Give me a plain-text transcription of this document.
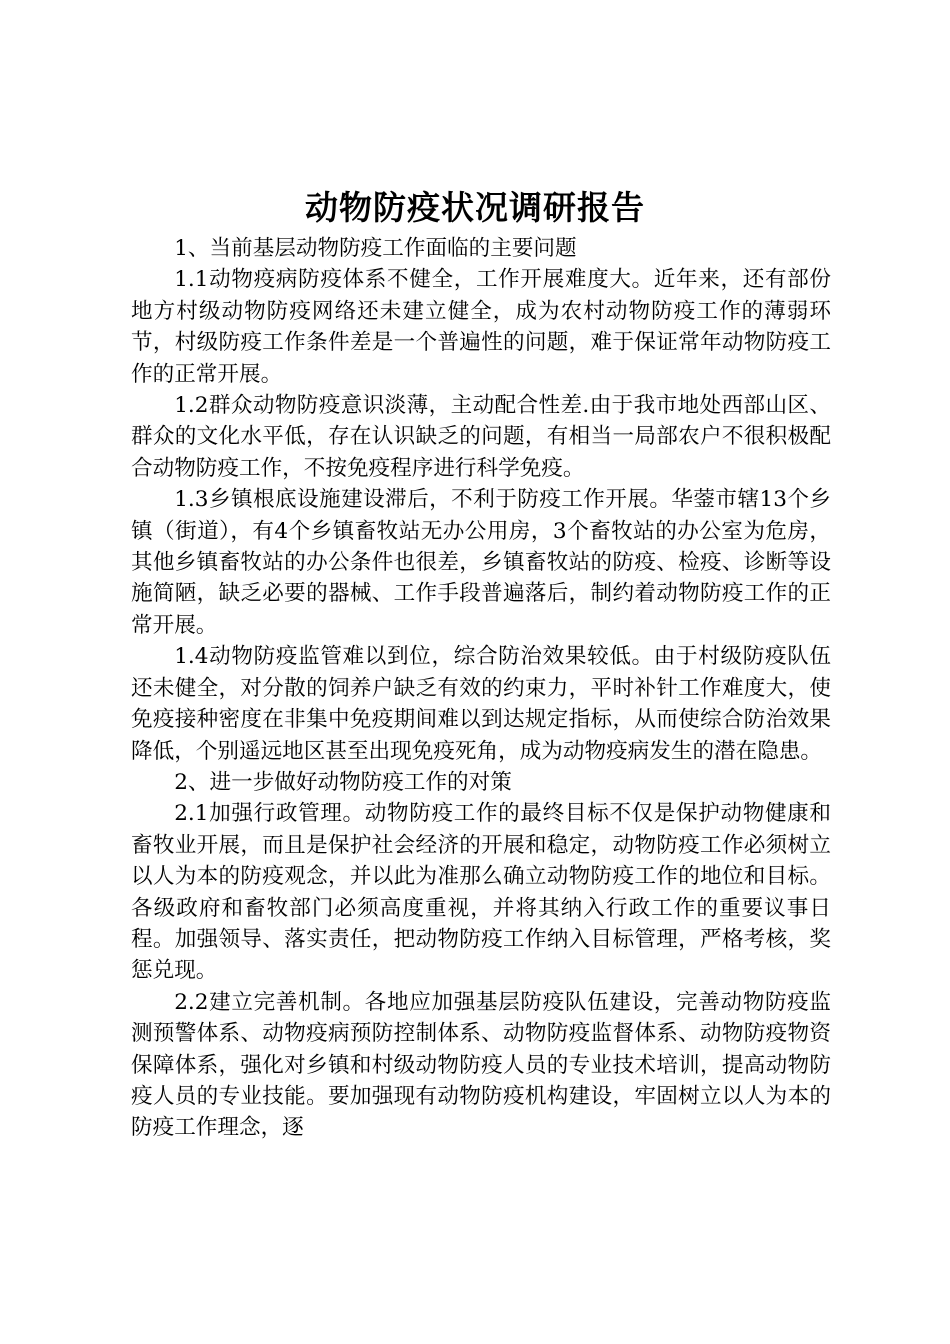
动物防疫状况调研报告

1、当前基层动物防疫工作面临的主要问题

1.1动物疫病防疫体系不健全，工作开展难度大。近年来，还有部份地方村级动物防疫网络还未建立健全，成为农村动物防疫工作的薄弱环节，村级防疫工作条件差是一个普遍性的问题，难于保证常年动物防疫工作的正常开展。

1.2群众动物防疫意识淡薄，主动配合性差.由于我市地处西部山区、群众的文化水平低，存在认识缺乏的问题，有相当一局部农户不很积极配合动物防疫工作，不按免疫程序进行科学免疫。

1.3乡镇根底设施建设滞后，不利于防疫工作开展。华蓥市辖13个乡镇（街道），有4个乡镇畜牧站无办公用房，3个畜牧站的办公室为危房，其他乡镇畜牧站的办公条件也很差，乡镇畜牧站的防疫、检疫、诊断等设施简陋，缺乏必要的器械、工作手段普遍落后，制约着动物防疫工作的正常开展。

1.4动物防疫监管难以到位，综合防治效果较低。由于村级防疫队伍还未健全，对分散的饲养户缺乏有效的约束力，平时补针工作难度大，使免疫接种密度在非集中免疫期间难以到达规定指标，从而使综合防治效果降低，个别遥远地区甚至出现免疫死角，成为动物疫病发生的潜在隐患。

2、进一步做好动物防疫工作的对策

2.1加强行政管理。动物防疫工作的最终目标不仅是保护动物健康和畜牧业开展，而且是保护社会经济的开展和稳定，动物防疫工作必须树立以人为本的防疫观念，并以此为准那么确立动物防疫工作的地位和目标。各级政府和畜牧部门必须高度重视，并将其纳入行政工作的重要议事日程。加强领导、落实责任，把动物防疫工作纳入目标管理，严格考核，奖惩兑现。

2.2建立完善机制。各地应加强基层防疫队伍建设，完善动物防疫监测预警体系、动物疫病预防控制体系、动物防疫监督体系、动物防疫物资保障体系，强化对乡镇和村级动物防疫人员的专业技术培训，提高动物防疫人员的专业技能。要加强现有动物防疫机构建设，牢固树立以人为本的防疫工作理念，逐
